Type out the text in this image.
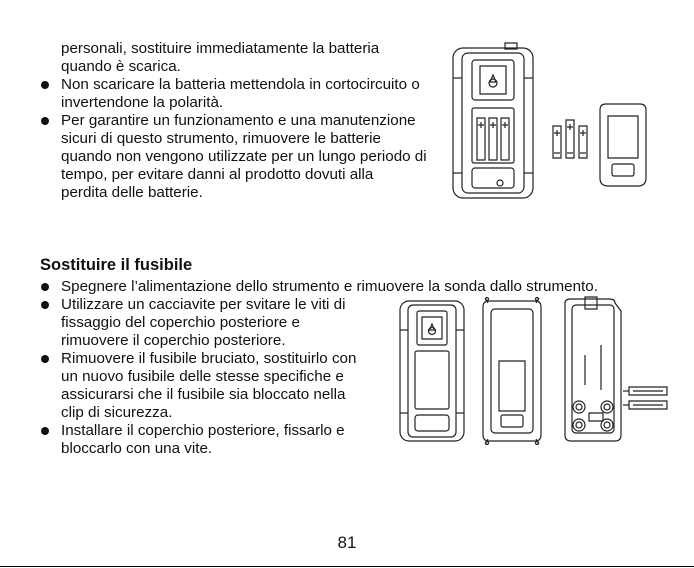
personali, sostituire immediatamente la batteria
quando è scarica.
Non scaricare la batteria mettendola in cortocircuito o
invertendone la polarità.
Per garantire un funzionamento e una manutenzione
sicuri di questo strumento, rimuovere le batterie
quando non vengono utilizzate per un lungo periodo di
tempo, per evitare danni al prodotto dovuti alla
perdita delle batterie.
Sostituire il fusibile
Spegnere l’alimentazione dello strumento e rimuovere la sonda dallo strumento.
Utilizzare un cacciavite per svitare le viti di
fissaggio del coperchio posteriore e
rimuovere il coperchio posteriore.
Rimuovere il fusibile bruciato, sostituirlo con
un nuovo fusibile delle stesse specifiche e
assicurarsi che il fusibile sia bloccato nella
clip di sicurezza.
Installare il coperchio posteriore, fissarlo e
bloccarlo con una vite.
81
